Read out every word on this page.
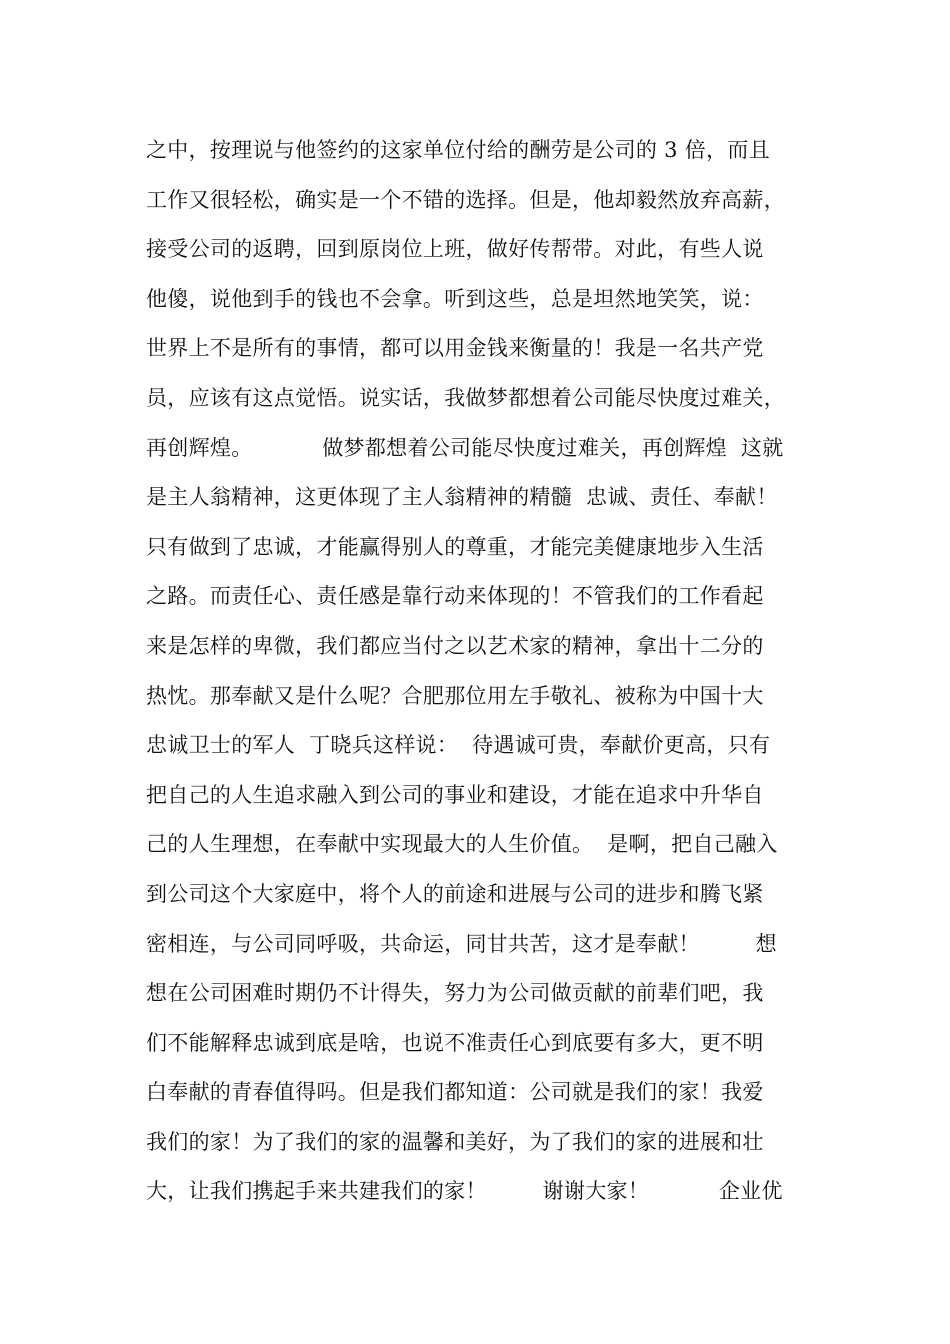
之中，按理说与他签约的这家单位付给的酬劳是公司的 3 倍，而且
工作又很轻松，确实是一个不错的选择。但是，他却毅然放弃高薪，
接受公司的返聘，回到原岗位上班，做好传帮带。对此，有些人说
他傻，说他到手的钱也不会拿。听到这些，总是坦然地笑笑，说：
世界上不是所有的事情，都可以用金钱来衡量的！我是一名共产党
员，应该有这点觉悟。说实话，我做梦都想着公司能尽快度过难关，
再创辉煌。          做梦都想着公司能尽快度过难关，再创辉煌  这就
是主人翁精神，这更体现了主人翁精神的精髓  忠诚、责任、奉献！
只有做到了忠诚，才能赢得别人的尊重，才能完美健康地步入生活
之路。而责任心、责任感是靠行动来体现的！不管我们的工作看起
来是怎样的卑微，我们都应当付之以艺术家的精神，拿出十二分的
热忱。那奉献又是什么呢？合肥那位用左手敬礼、被称为中国十大
忠诚卫士的军人  丁晓兵这样说：  待遇诚可贵，奉献价更高，只有
把自己的人生追求融入到公司的事业和建设，才能在追求中升华自
己的人生理想，在奉献中实现最大的人生价值。  是啊，把自己融入
到公司这个大家庭中，将个人的前途和进展与公司的进步和腾飞紧
密相连，与公司同呼吸，共命运，同甘共苦，这才是奉献！        想
想在公司困难时期仍不计得失，努力为公司做贡献的前辈们吧，我
们不能解释忠诚到底是啥，也说不准责任心到底要有多大，更不明
白奉献的青春值得吗。但是我们都知道：公司就是我们的家！我爱
我们的家！为了我们的家的温馨和美好，为了我们的家的进展和壮
大，让我们携起手来共建我们的家！        谢谢大家！          企业优
